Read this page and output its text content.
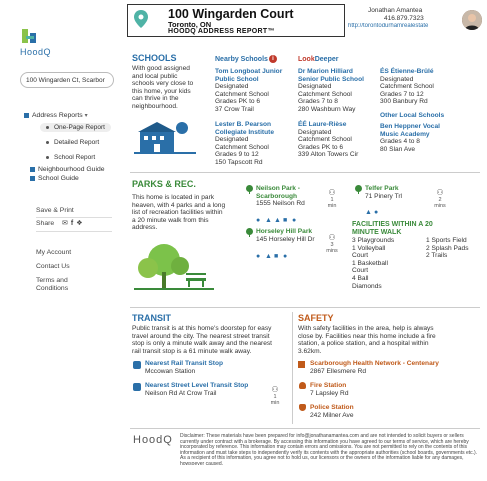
HoodQ
100 Wingarden Ct, Scarbor
Address Reports ▾
One-Page Report
Detailed Report
School Report
Neighbourhood Guide
School Guide
Save & Print
Share ✉f❖
My Account
Contact Us
Terms and
Conditions
100 Wingarden Court
Toronto, ON
HOODQ ADDRESS REPORT™
Jonathan Amantea
416.879.7323
http://torontodurhamrealestate
SCHOOLS
With good assigned
and local public
schools very close to
this home, your kids
can thrive in the
neighbourhood.
Nearby Schools i	LookDeeper
Tom Longboat Junior
Public School
Designated
Catchment School
Grades PK to 6
37 Crow Trail
Lester B. Pearson
Collegiate Institute
Designated
Catchment School
Grades 9 to 12
150 Tapscott Rd
Dr Marion Hilliard
Senior Public School
Designated
Catchment School
Grades 7 to 8
280 Washburn Way
ÉÉ Laure-Rièse
Designated
Catchment School
Grades PK to 6
339 Alton Towers Cir
ÉS Étienne-Brûlé
Designated
Catchment School
Grades 7 to 12
300 Banbury Rd
Other Local Schools
Ben Heppner Vocal
Music Academy
Grades 4 to 8
80 Slan Ave
PARKS & REC.
This home is located in park
heaven, with 4 parks and a long
list of recreation facilities within
a 20 minute walk from this
address.
Neilson Park -
Scarborough
1555 Neilson Rd
● ▲ ▲ ■ ●
⚇
1
min
Telfer Park
71 Pinery Trl
▲ ●
⚇
2
mins
Horseley Hill Park
145 Horseley Hill Dr
● ▲ ■ ●
⚇
3
mins
FACILITIES WITHIN A 20
MINUTE WALK
3 Playgrounds
1 Volleyball
Court
1 Basketball
Court
4 Ball
Diamonds
1 Sports Field
2 Splash Pads
2 Trails
TRANSIT
Public transit is at this home's doorstep for easy
travel around the city. The nearest street transit
stop is only a minute walk away and the nearest
rail transit stop is a 61 minute walk away.
Nearest Rail Transit Stop
Mccowan Station
Nearest Street Level Transit Stop
Neilson Rd At Crow Trail	⚇
1
min
SAFETY
With safety facilities in the area, help is always
close by. Facilities near this home include a fire
station, a police station, and a hospital within
3.62km.
Scarborough Health Network - Centenary
2867 Ellesmere Rd
Fire Station
7 Lapsley Rd
Police Station
242 Milner Ave
HoodQ Disclaimer: These materials have been prepared for info@jonathanamantea.com and are not intended to solicit buyers or sellers currently under contract with a brokerage. By accessing this information you have agreed to our terms of service, which are hereby incorporated by reference. This information may contain errors and omissions. You are not permitted to rely on the contents of this information and must take steps to independently verify its contents with the appropriate authorities (school boards, governments etc.). As a recipient of this information, you agree not to hold us, our licensors or the owners of the information liable for any damages, howsoever caused.
